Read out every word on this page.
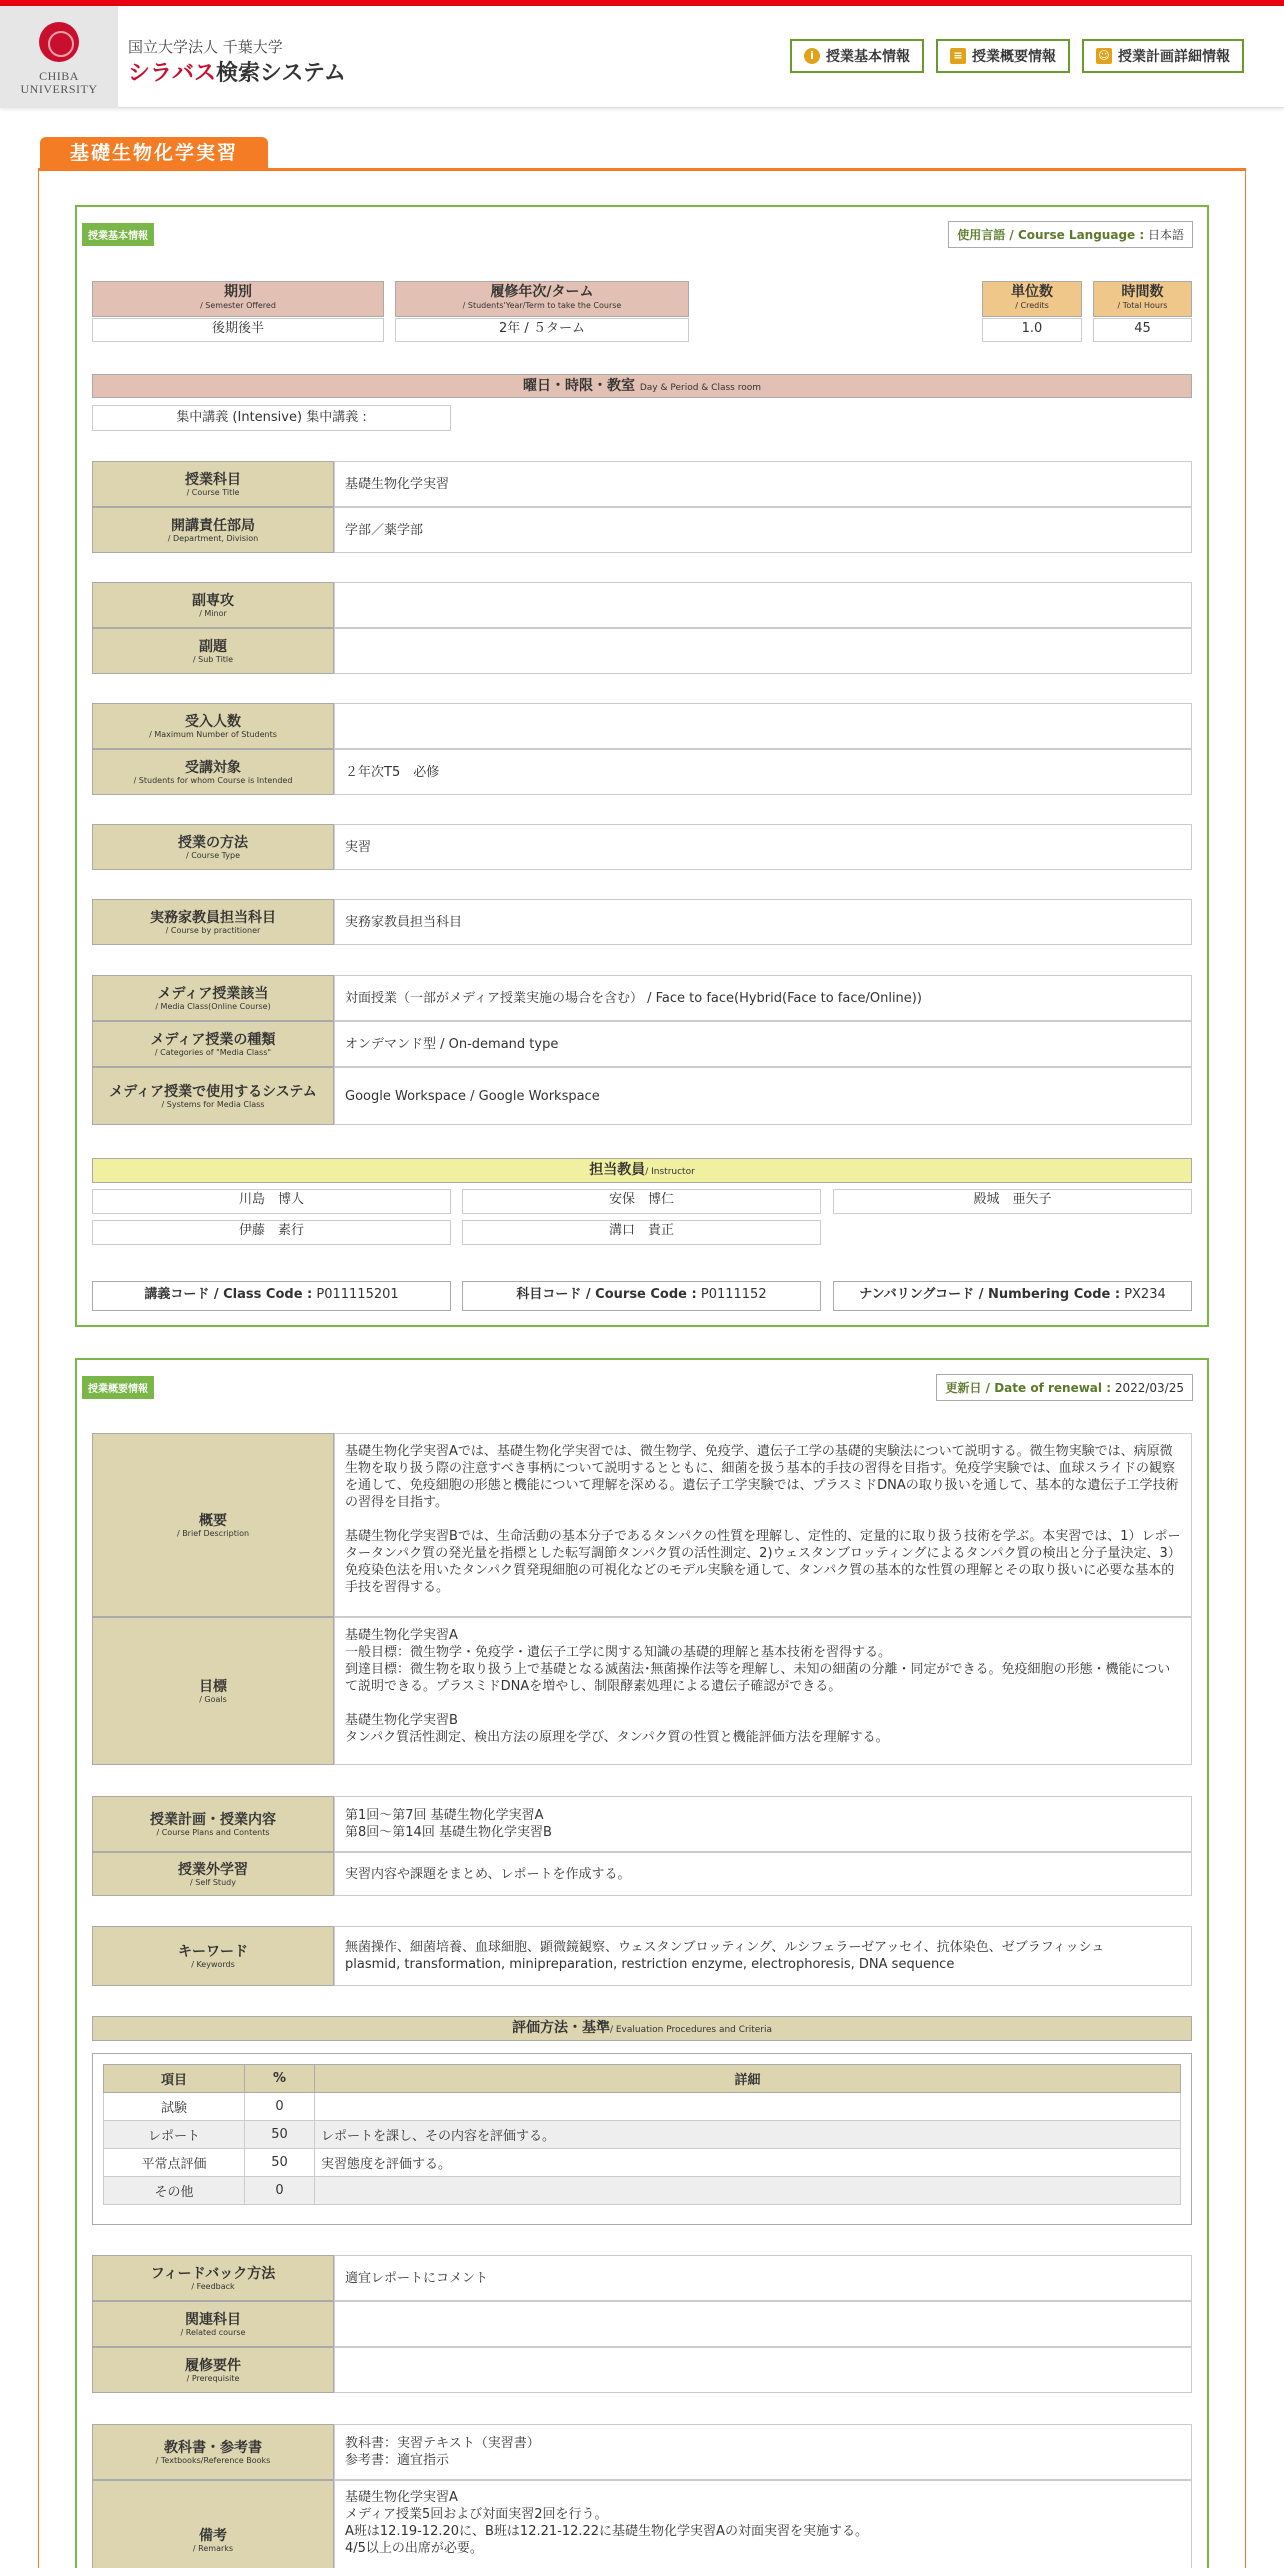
CHIBA
UNIVERSITY
国立大学法人 千葉大学
シラバス検索システム
i 授業基本情報	≡ 授業概要情報	☺ 授業計画詳細情報
基礎生物化学実習
授業基本情報	使用言語 / Course Language : 日本語
期別
/ Semester Offered
後期後半
履修年次/ターム
/ Students'Year/Term to take the Course
2年 / ５ターム
単位数
/ Credits
1.0
時間数
/ Total Hours
45
曜日・時限・教室 Day & Period & Class room
集中講義 (Intensive) 集中講義 :
授業科目
/ Course Title
基礎生物化学実習
開講責任部局
/ Department, Division
学部／薬学部
副専攻
/ Minor
副題
/ Sub Title
受入人数
/ Maximum Number of Students
受講対象
/ Students for whom Course is Intended
２年次T5　必修
授業の方法
/ Course Type
実習
実務家教員担当科目
/ Course by practitioner
実務家教員担当科目
メディア授業該当
/ Media Class(Online Course)
対面授業（一部がメディア授業実施の場合を含む） / Face to face(Hybrid(Face to face/Online))
メディア授業の種類
/ Categories of "Media Class"
オンデマンド型 / On-demand type
メディア授業で使用するシステム
/ Systems for Media Class
Google Workspace / Google Workspace
担当教員/ Instructor
川島　博人	安保　博仁	殿城　亜矢子
伊藤　素行	溝口　貴正
講義コード / Class Code : P011115201	科目コード / Course Code : P0111152	ナンバリングコード / Numbering Code : PX234
授業概要情報	更新日 / Date of renewal : 2022/03/25
概要
/ Brief Description
基礎生物化学実習Aでは、基礎生物化学実習では、微生物学、免疫学、遺伝子工学の基礎的実験法について説明する。微生物実験では、病原微生物を取り扱う際の注意すべき事柄について説明するとともに、細菌を扱う基本的手技の習得を目指す。免疫学実験では、血球スライドの観察を通して、免疫細胞の形態と機能について理解を深める。遺伝子工学実験では、プラスミドDNAの取り扱いを通して、基本的な遺伝子工学技術の習得を目指す。

基礎生物化学実習Bでは、生命活動の基本分子であるタンパクの性質を理解し、定性的、定量的に取り扱う技術を学ぶ。本実習では、1）レポータータンパク質の発光量を指標とした転写調節タンパク質の活性測定、2)ウェスタンブロッティングによるタンパク質の検出と分子量決定、3）免疫染色法を用いたタンパク質発現細胞の可視化などのモデル実験を通して、タンパク質の基本的な性質の理解とその取り扱いに必要な基本的手技を習得する。
目標
/ Goals
基礎生物化学実習A
一般目標：微生物学・免疫学・遺伝子工学に関する知識の基礎的理解と基本技術を習得する。
到達目標：微生物を取り扱う上で基礎となる滅菌法･無菌操作法等を理解し、未知の細菌の分離・同定ができる。免疫細胞の形態・機能について説明できる。プラスミドDNAを増やし、制限酵素処理による遺伝子確認ができる。

基礎生物化学実習B
タンパク質活性測定、検出方法の原理を学び、タンパク質の性質と機能評価方法を理解する。
授業計画・授業内容
/ Course Plans and Contents
第1回〜第7回 基礎生物化学実習A
第8回〜第14回 基礎生物化学実習B
授業外学習
/ Self Study
実習内容や課題をまとめ、レポートを作成する。
キーワード
/ Keywords
無菌操作、細菌培養、血球細胞、顕微鏡観察、ウェスタンブロッティング、ルシフェラーゼアッセイ、抗体染色、ゼブラフィッシュ
plasmid, transformation, minipreparation, restriction enzyme, electrophoresis, DNA sequence
評価方法・基準/ Evaluation Procedures and Criteria
項目	%	詳細
試験	0	
レポート	50	レポートを課し、その内容を評価する。
平常点評価	50	実習態度を評価する。
その他	0	
フィードバック方法
/ Feedback
適宜レポートにコメント
関連科目
/ Related course
履修要件
/ Prerequisite
教科書・参考書
/ Textbooks/Reference Books
教科書：実習テキスト（実習書）
参考書：適宜指示
備考
/ Remarks
基礎生物化学実習A
メディア授業5回および対面実習2回を行う。
A班は12.19-12.20に、B班は12.21-12.22に基礎生物化学実習Aの対面実習を実施する。
4/5以上の出席が必要。
